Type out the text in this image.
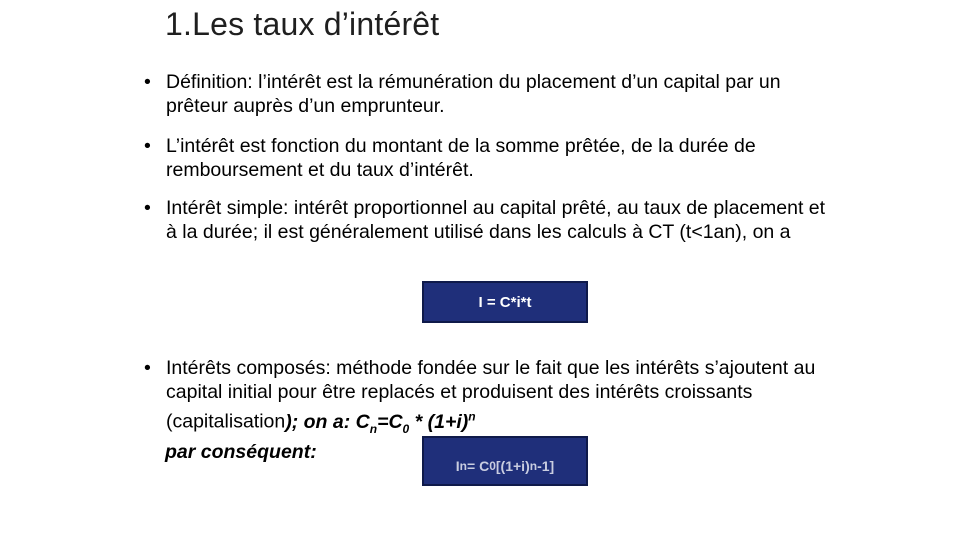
1.Les taux d’intérêt
• Définition: l’intérêt est la rémunération du placement d’un capital par un prêteur auprès d’un emprunteur.
• L’intérêt est fonction du montant de la somme prêtée, de la durée de remboursement et du taux d’intérêt.
• Intérêt simple: intérêt proportionnel au capital prêté, au taux de placement et à la durée; il est généralement utilisé dans les calculs à CT (t<1an), on a
I = C*i*t
• Intérêts composés: méthode fondée sur le fait que les intérêts s’ajoutent au capital initial pour être replacés et produisent des intérêts croissants (capitalisation); on a: $C_n=C_0 * (1+i)^n$
par conséquent:
I n = C 0 [(1+i) n -1]
